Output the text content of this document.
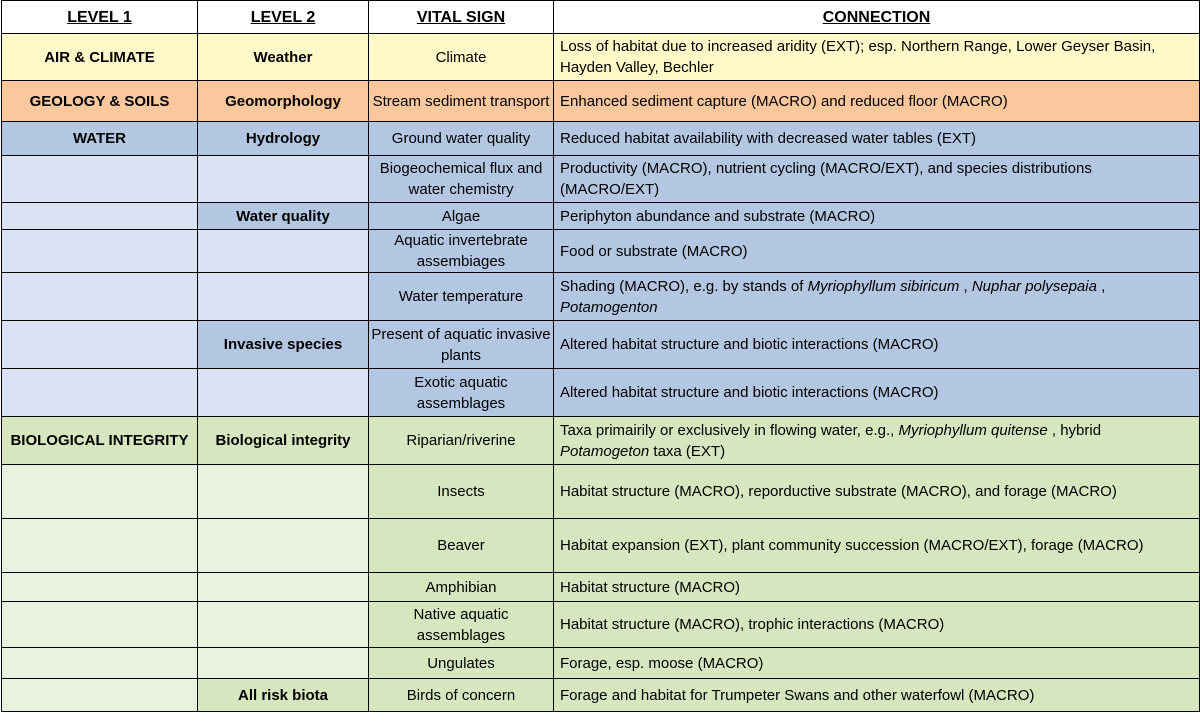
LEVEL 1	LEVEL 2	VITAL SIGN	CONNECTION
AIR & CLIMATE	Weather	Climate	Loss of habitat due to increased aridity (EXT); esp. Northern Range, Lower Geyser Basin, Hayden Valley, Bechler
GEOLOGY & SOILS	Geomorphology	Stream sediment transport	Enhanced sediment capture (MACRO) and reduced floor (MACRO)
WATER	Hydrology	Ground water quality	Reduced habitat availability with decreased water tables (EXT)
		Biogeochemical flux and water chemistry	Productivity (MACRO), nutrient cycling (MACRO/EXT), and species distributions (MACRO/EXT)
	Water quality	Algae	Periphyton abundance and substrate (MACRO)
		Aquatic invertebrate assembiages	Food or substrate (MACRO)
		Water temperature	Shading (MACRO), e.g. by stands of Myriophyllum sibiricum , Nuphar polysepaia , Potamogenton
	Invasive species	Present of aquatic invasive plants	Altered habitat structure and biotic interactions (MACRO)
		Exotic aquatic assemblages	Altered habitat structure and biotic interactions (MACRO)
BIOLOGICAL INTEGRITY	Biological integrity	Riparian/riverine	Taxa primairily or exclusively in flowing water, e.g., Myriophyllum quitense , hybrid Potamogeton taxa (EXT)
		Insects	Habitat structure (MACRO), reporductive substrate (MACRO), and forage (MACRO)
		Beaver	Habitat expansion (EXT), plant community succession (MACRO/EXT), forage (MACRO)
		Amphibian	Habitat structure (MACRO)
		Native aquatic assemblages	Habitat structure (MACRO), trophic interactions (MACRO)
		Ungulates	Forage, esp. moose (MACRO)
	All risk biota	Birds of concern	Forage and habitat for Trumpeter Swans and other waterfowl (MACRO)
